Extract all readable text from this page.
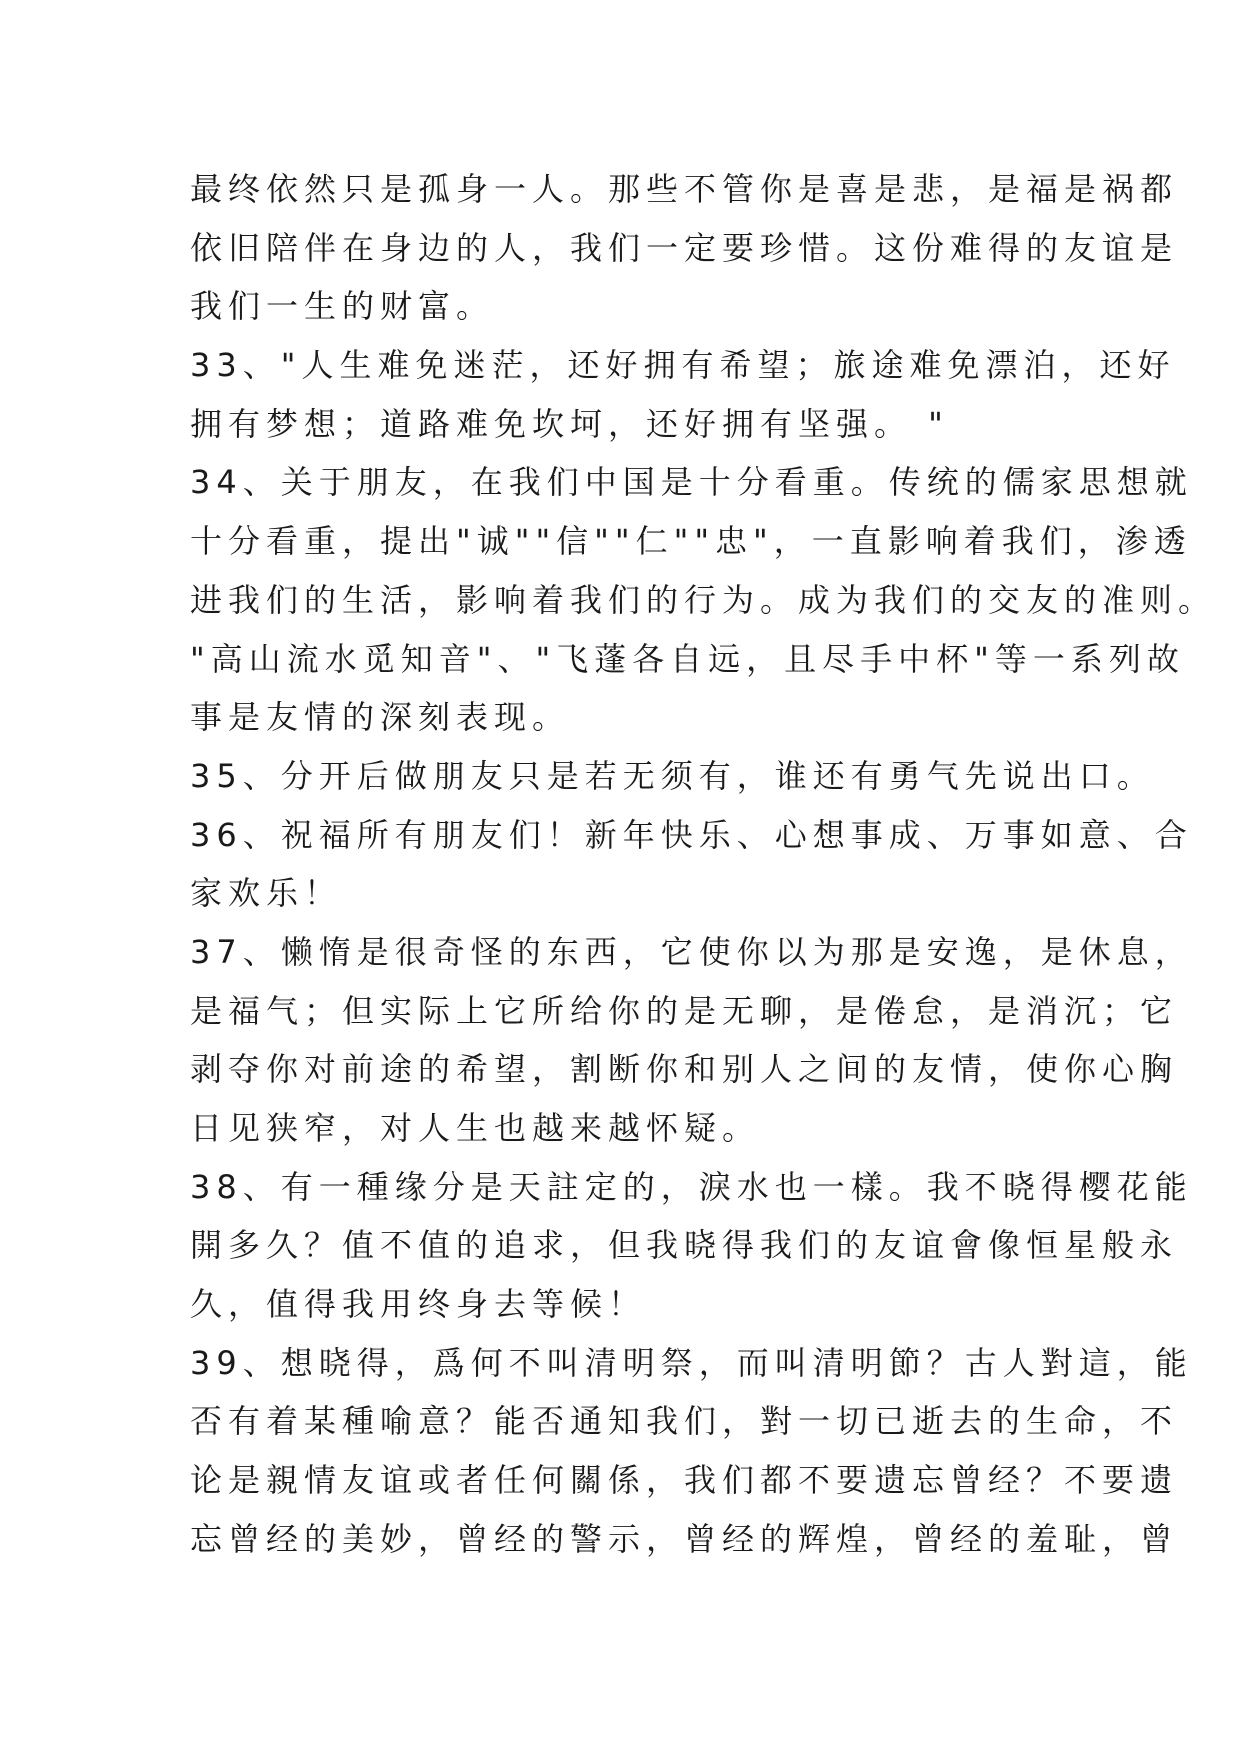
最终依然只是孤身一人。那些不管你是喜是悲，是福是祸都
依旧陪伴在身边的人，我们一定要珍惜。这份难得的友谊是
我们一生的财富。
33、"人生难免迷茫，还好拥有希望；旅途难免漂泊，还好
拥有梦想；道路难免坎坷，还好拥有坚强。 "
34、关于朋友，在我们中国是十分看重。传统的儒家思想就
十分看重，提出"诚""信""仁""忠"，一直影响着我们，渗透
进我们的生活，影响着我们的行为。成为我们的交友的准则。
"高山流水觅知音"、"飞蓬各自远，且尽手中杯"等一系列故
事是友情的深刻表现。
35、分开后做朋友只是若无须有，谁还有勇气先说出口。
36、祝福所有朋友们！新年快乐、心想事成、万事如意、合
家欢乐！
37、懒惰是很奇怪的东西，它使你以为那是安逸，是休息，
是福气；但实际上它所给你的是无聊，是倦怠，是消沉；它
剥夺你对前途的希望，割断你和别人之间的友情，使你心胸
日见狭窄，对人生也越来越怀疑。
38、有一種缘分是天註定的，淚水也一樣。我不晓得樱花能
開多久？值不值的追求，但我晓得我们的友谊會像恒星般永
久，值得我用终身去等候！
39、想晓得，爲何不叫清明祭，而叫清明節？古人對這，能
否有着某種喻意？能否通知我们，對一切已逝去的生命，不
论是親情友谊或者任何關係，我们都不要遗忘曾经？不要遗
忘曾经的美妙，曾经的警示，曾经的辉煌，曾经的羞耻，曾
